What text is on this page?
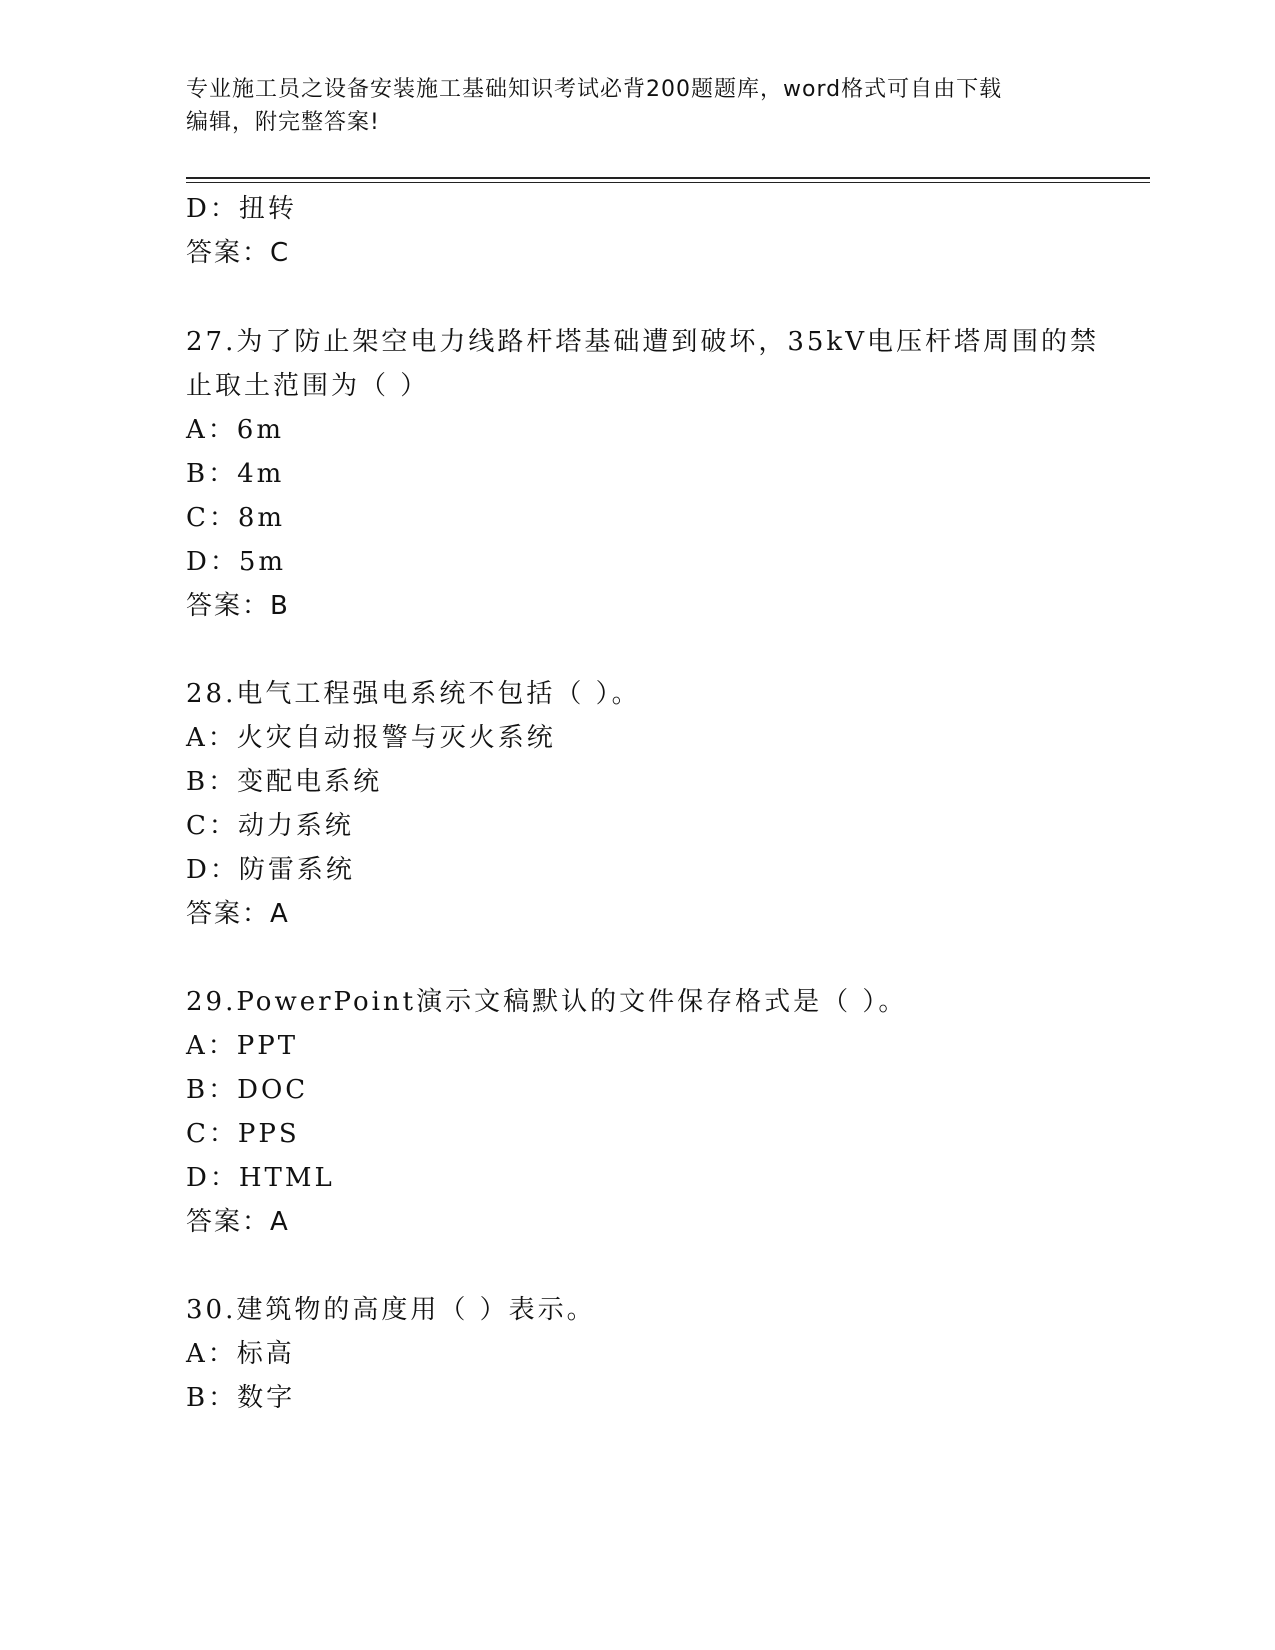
专业施工员之设备安装施工基础知识考试必背200题题库，word格式可自由下载
编辑，附完整答案!
D：扭转
答案：C
27.为了防止架空电力线路杆塔基础遭到破坏，35kV电压杆塔周围的禁
止取土范围为（ ）
A：6m
B：4m
C：8m
D：5m
答案：B
28.电气工程强电系统不包括（ ）。
A：火灾自动报警与灭火系统
B：变配电系统
C：动力系统
D：防雷系统
答案：A
29.PowerPoint演示文稿默认的文件保存格式是（ ）。
A：PPT
B：DOC
C：PPS
D：HTML
答案：A
30.建筑物的高度用（ ）表示。
A：标高
B：数字
